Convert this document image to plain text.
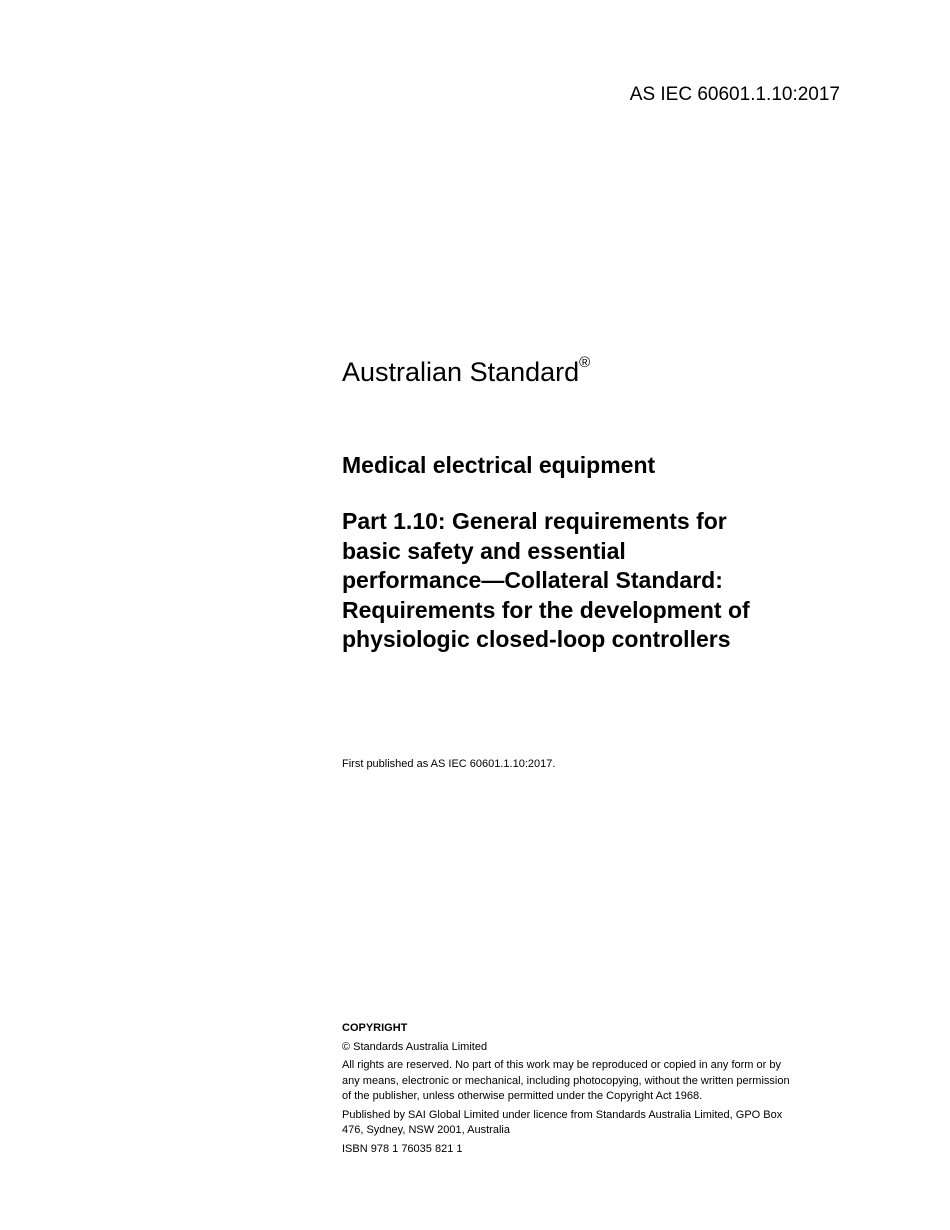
AS IEC 60601.1.10:2017
Australian Standard®
Medical electrical equipment
Part 1.10: General requirements for
basic safety and essential
performance—Collateral Standard:
Requirements for the development of
physiologic closed-loop controllers
First published as AS IEC 60601.1.10:2017.
COPYRIGHT
© Standards Australia Limited
All rights are reserved. No part of this work may be reproduced or copied in any form or by
any means, electronic or mechanical, including photocopying, without the written permission
of the publisher, unless otherwise permitted under the Copyright Act 1968.
Published by SAI Global Limited under licence from Standards Australia Limited, GPO Box
476, Sydney, NSW 2001, Australia
ISBN 978 1 76035 821 1
